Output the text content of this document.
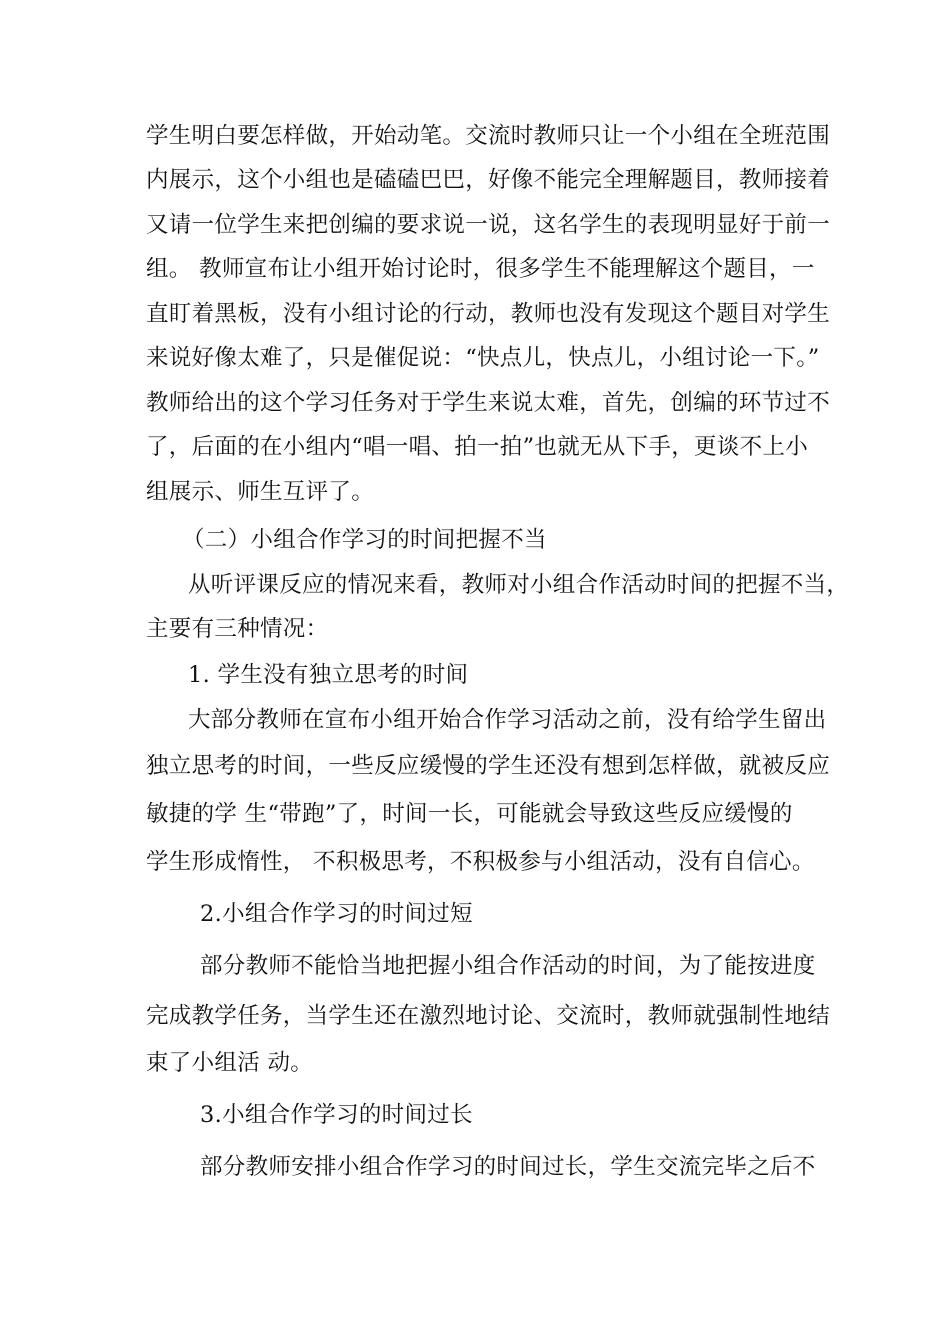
学生明白要怎样做，开始动笔。交流时教师只让一个小组在全班范围
内展示，这个小组也是磕磕巴巴，好像不能完全理解题目，教师接着
又请一位学生来把创编的要求说一说，这名学生的表现明显好于前一
组。 教师宣布让小组开始讨论时，很多学生不能理解这个题目，一
直盯着黑板，没有小组讨论的行动，教师也没有发现这个题目对学生
来说好像太难了，只是催促说：“快点儿，快点儿，小组讨论一下。”
教师给出的这个学习任务对于学生来说太难，首先，创编的环节过不
了，后面的在小组内“唱一唱、拍一拍”也就无从下手，更谈不上小
组展示、师生互评了。
（二）小组合作学习的时间把握不当
从听评课反应的情况来看，教师对小组合作活动时间的把握不当，
主要有三种情况：
1. 学生没有独立思考的时间
大部分教师在宣布小组开始合作学习活动之前，没有给学生留出
独立思考的时间，一些反应缓慢的学生还没有想到怎样做，就被反应
敏捷的学 生“带跑”了，时间一长，可能就会导致这些反应缓慢的
学生形成惰性， 不积极思考，不积极参与小组活动，没有自信心。
2.小组合作学习的时间过短
部分教师不能恰当地把握小组合作活动的时间，为了能按进度
完成教学任务，当学生还在激烈地讨论、交流时，教师就强制性地结
束了小组活 动。
3.小组合作学习的时间过长
部分教师安排小组合作学习的时间过长，学生交流完毕之后不
